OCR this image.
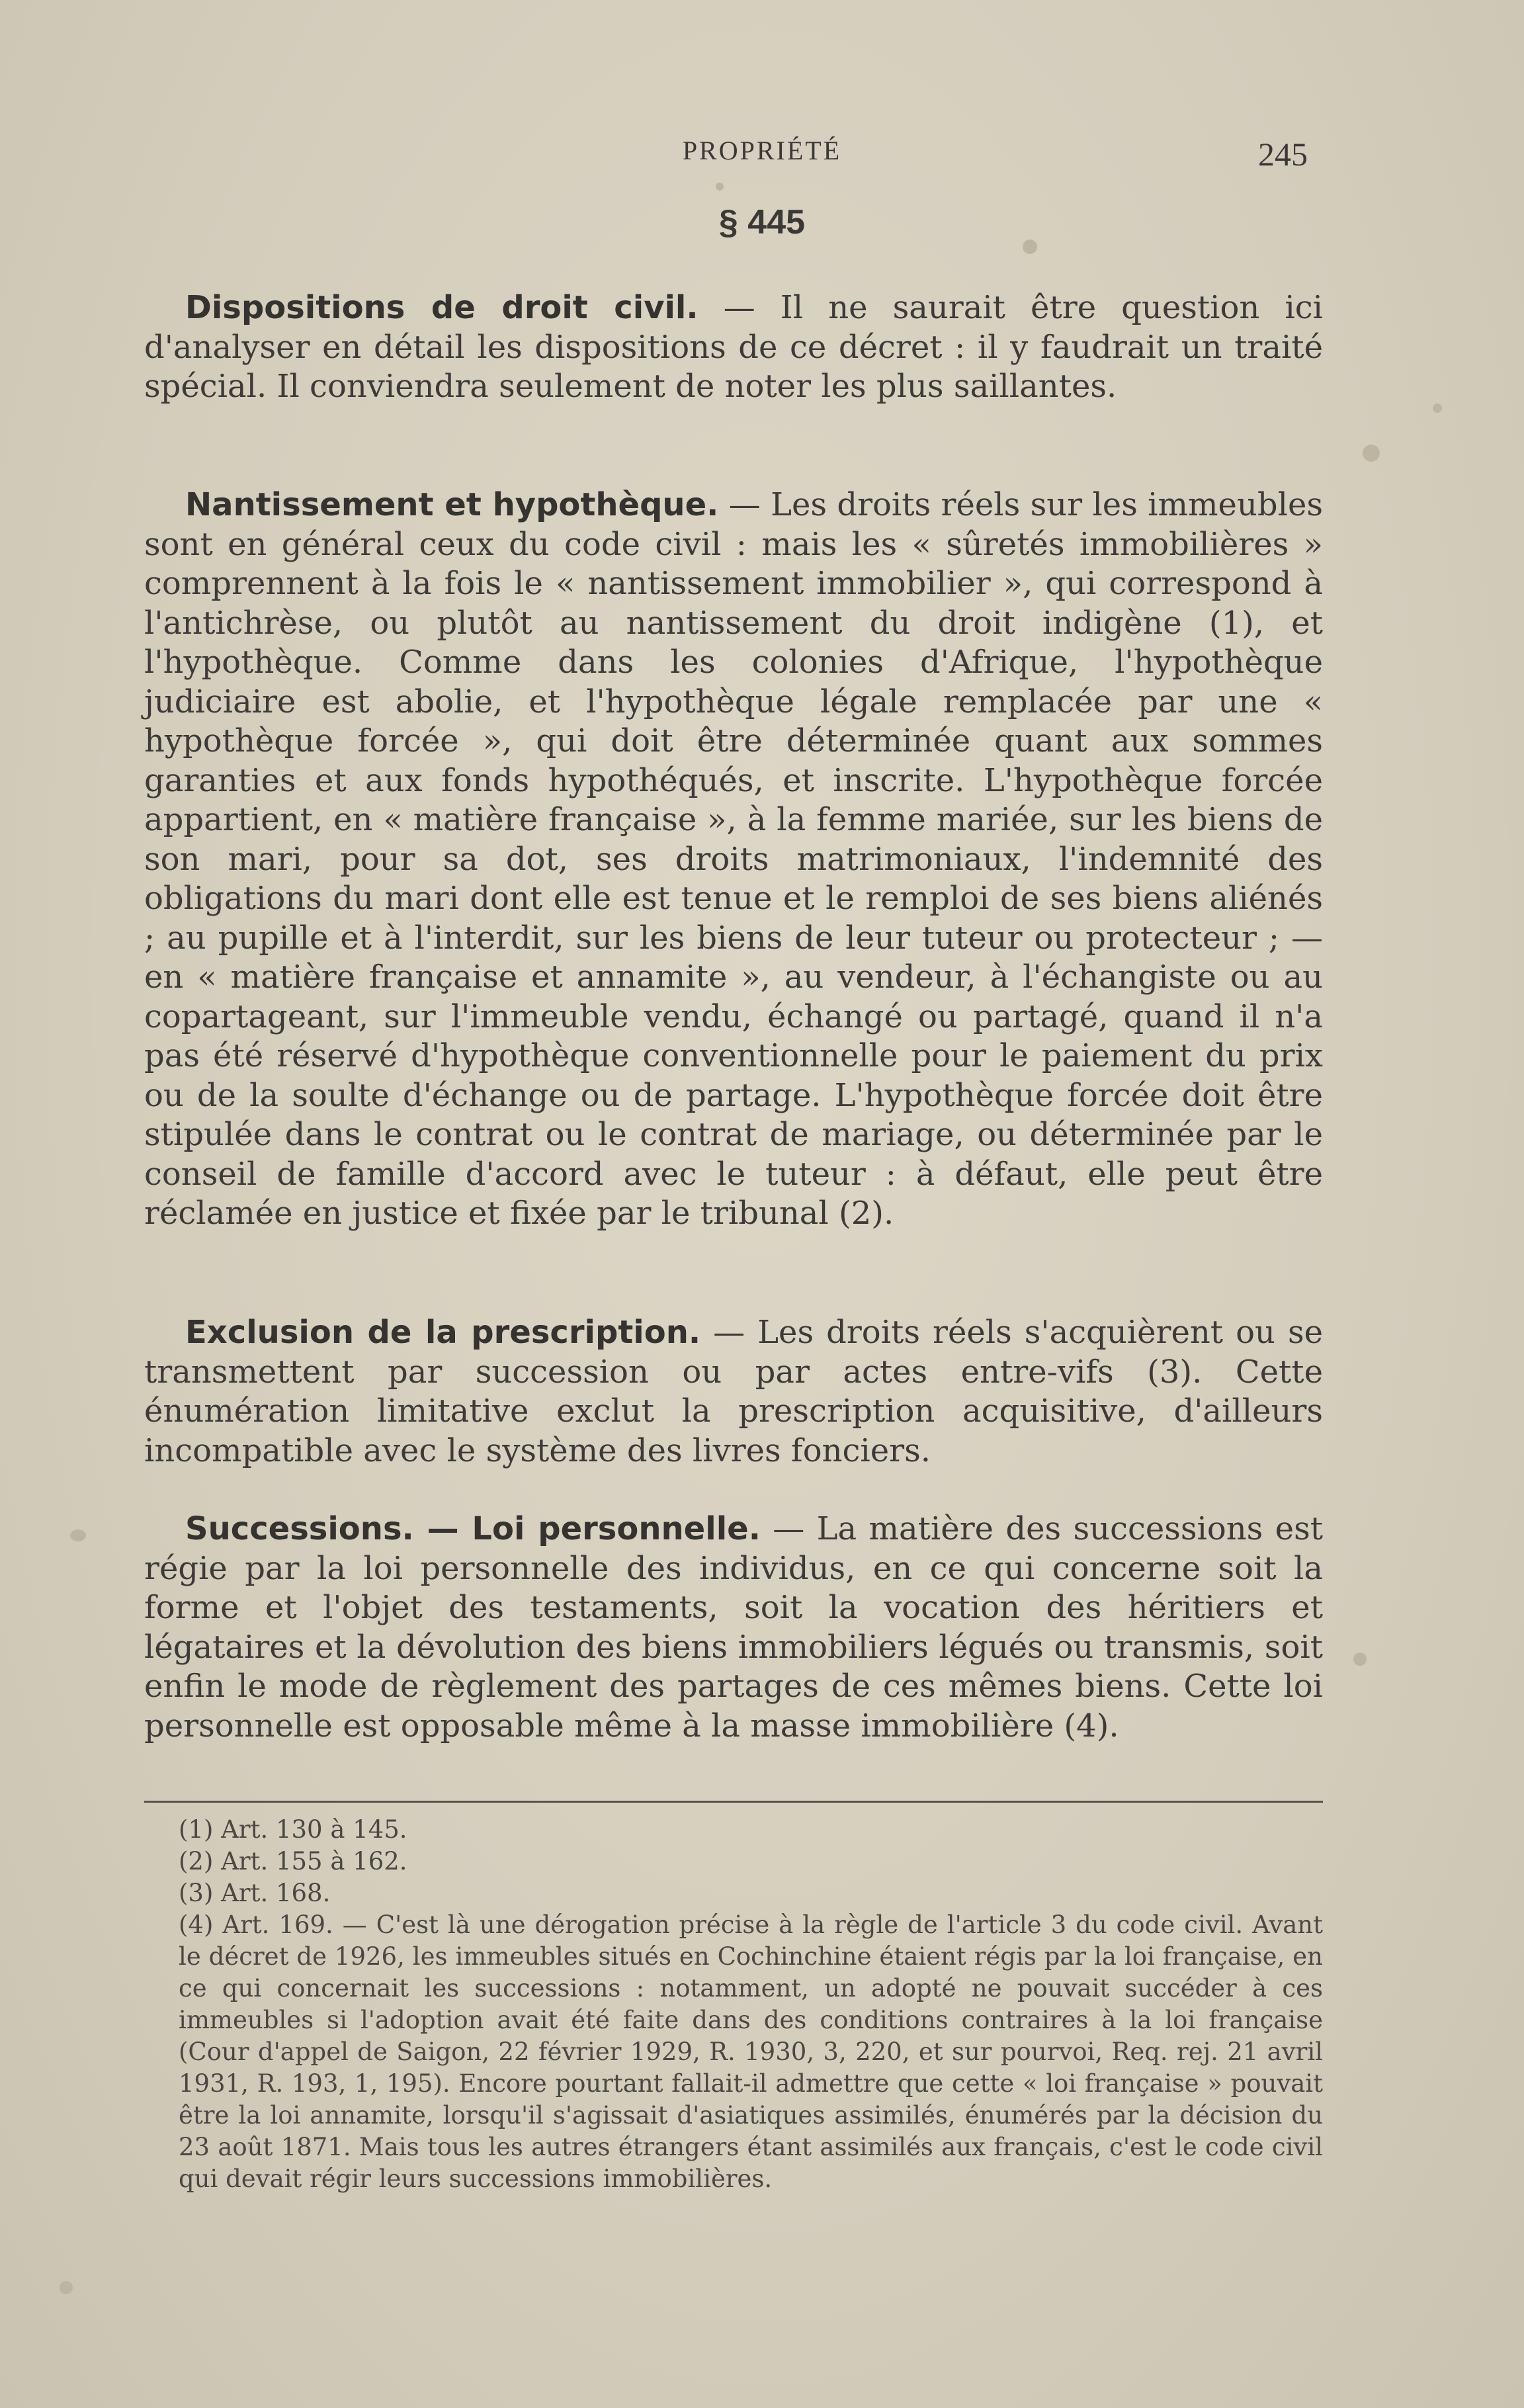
PROPRIÉTÉ	245
§ 445
Dispositions de droit civil. — Il ne saurait être question ici d'analyser en détail les dispositions de ce décret : il y faudrait un traité spécial. Il conviendra seulement de noter les plus saillantes.
Nantissement et hypothèque. — Les droits réels sur les immeubles sont en général ceux du code civil : mais les « sûretés immobilières » comprennent à la fois le « nantissement immobilier », qui correspond à l'antichrèse, ou plutôt au nantissement du droit indigène (1), et l'hypothèque. Comme dans les colonies d'Afrique, l'hypothèque judiciaire est abolie, et l'hypothèque légale remplacée par une « hypothèque forcée », qui doit être déterminée quant aux sommes garanties et aux fonds hypothéqués, et inscrite. L'hypothèque forcée appartient, en « matière française », à la femme mariée, sur les biens de son mari, pour sa dot, ses droits matrimoniaux, l'indemnité des obligations du mari dont elle est tenue et le remploi de ses biens aliénés ; au pupille et à l'interdit, sur les biens de leur tuteur ou protecteur ; — en « matière française et annamite », au vendeur, à l'échangiste ou au copartageant, sur l'immeuble vendu, échangé ou partagé, quand il n'a pas été réservé d'hypothèque conventionnelle pour le paiement du prix ou de la soulte d'échange ou de partage. L'hypothèque forcée doit être stipulée dans le contrat ou le contrat de mariage, ou déterminée par le conseil de famille d'accord avec le tuteur : à défaut, elle peut être réclamée en justice et fixée par le tribunal (2).
Exclusion de la prescription. — Les droits réels s'acquièrent ou se transmettent par succession ou par actes entre-vifs (3). Cette énumération limitative exclut la prescription acquisitive, d'ailleurs incompatible avec le système des livres fonciers.
Successions. — Loi personnelle. — La matière des successions est régie par la loi personnelle des individus, en ce qui concerne soit la forme et l'objet des testaments, soit la vocation des héritiers et légataires et la dévolution des biens immobiliers légués ou transmis, soit enfin le mode de règlement des partages de ces mêmes biens. Cette loi personnelle est opposable même à la masse immobilière (4).
(1) Art. 130 à 145.
(2) Art. 155 à 162.
(3) Art. 168.
(4) Art. 169. — C'est là une dérogation précise à la règle de l'article 3 du code civil. Avant le décret de 1926, les immeubles situés en Cochinchine étaient régis par la loi française, en ce qui concernait les successions : notamment, un adopté ne pouvait succéder à ces immeubles si l'adoption avait été faite dans des conditions contraires à la loi française (Cour d'appel de Saigon, 22 février 1929, R. 1930, 3, 220, et sur pourvoi, Req. rej. 21 avril 1931, R. 193, 1, 195). Encore pourtant fallait-il admettre que cette « loi française » pouvait être la loi annamite, lorsqu'il s'agissait d'asiatiques assimilés, énumérés par la décision du 23 août 1871. Mais tous les autres étrangers étant assimilés aux français, c'est le code civil qui devait régir leurs successions immobilières.
